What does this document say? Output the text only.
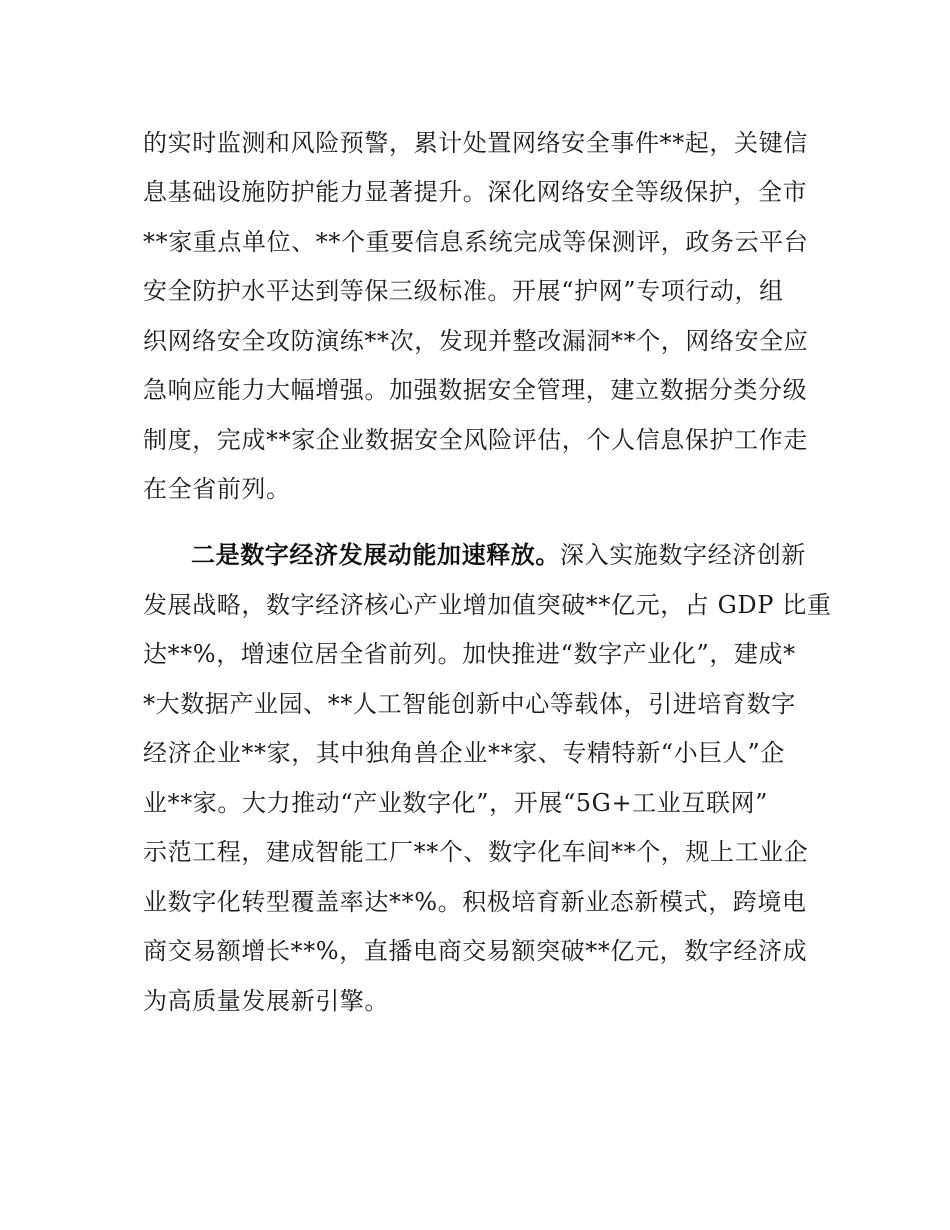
的实时监测和风险预警，累计处置网络安全事件**起，关键信
息基础设施防护能力显著提升。深化网络安全等级保护，全市
**家重点单位、**个重要信息系统完成等保测评，政务云平台
安全防护水平达到等保三级标准。开展“护网”专项行动，组
织网络安全攻防演练**次，发现并整改漏洞**个，网络安全应
急响应能力大幅增强。加强数据安全管理，建立数据分类分级
制度，完成**家企业数据安全风险评估，个人信息保护工作走
在全省前列。
二是数字经济发展动能加速释放。深入实施数字经济创新
发展战略，数字经济核心产业增加值突破**亿元，占 GDP 比重
达**%，增速位居全省前列。加快推进“数字产业化”，建成*
*大数据产业园、**人工智能创新中心等载体，引进培育数字
经济企业**家，其中独角兽企业**家、专精特新“小巨人”企
业**家。大力推动“产业数字化”，开展“5G+工业互联网”
示范工程，建成智能工厂**个、数字化车间**个，规上工业企
业数字化转型覆盖率达**%。积极培育新业态新模式，跨境电
商交易额增长**%，直播电商交易额突破**亿元，数字经济成
为高质量发展新引擎。
